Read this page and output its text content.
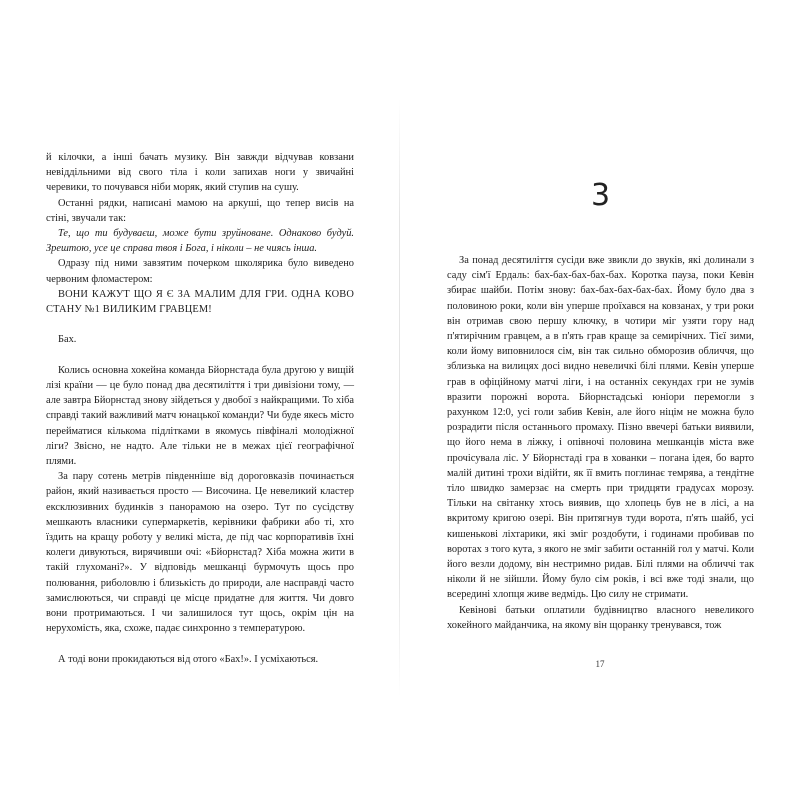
й кілочки, а інші бачать музику. Він завжди відчував ковзани невіддільними від свого тіла і коли запихав ноги у звичайні черевики, то почувався ніби моряк, який ступив на сушу.

Останні рядки, написані мамою на аркуші, що тепер висів на стіні, звучали так:

Те, що ти будуваєш, може бути зруйноване. Однаково будуй. Зрештою, усе це справа твоя і Бога, і ніколи – не чиясь інша.

Одразу під ними завзятим почерком школярика було виведено червоним фломастером:

ВОНИ КАЖУТ ЩО Я Є ЗА МАЛИМ ДЛЯ ГРИ. ОДНА КОВО СТАНУ №1 ВИЛИКИМ ГРАВЦЕМ!

Бах.

Колись основна хокейна команда Бйорнстада була другою у вищій лізі країни — це було понад два десятиліття і три дивізіони тому, — але завтра Бйорнстад знову зійдеться у двобої з найкращими. То хіба справді такий важливий матч юнацької команди? Чи буде якесь місто перейматися кількома підлітками в якомусь півфіналі молодіжної ліги? Звісно, не надто. Але тільки не в межах цієї географічної плями.

За пару сотень метрів південніше від дороговказів починається район, який називається просто — Височина. Це невеликий кластер ексклюзивних будинків з панорамою на озеро. Тут по сусідству мешкають власники супермаркетів, керівники фабрики або ті, хто їздить на кращу роботу у великі міста, де під час корпоративів їхні колеги дивуються, вирячивши очі: «Бйорнстад? Хіба можна жити в такій глухомані?». У відповідь мешканці бурмочуть щось про полювання, риболовлю і близькість до природи, але насправді часто замислюються, чи справді це місце придатне для життя. Чи довго вони протримаються. І чи залишилося тут щось, окрім цін на нерухомість, яка, схоже, падає синхронно з температурою.

А тоді вони прокидаються від отого «Бах!». І усміхаються.

3

За понад десятиліття сусіди вже звикли до звуків, які долинали з саду сім'ї Ердаль: бах-бах-бах-бах-бах. Коротка пауза, поки Кевін збирає шайби. Потім знову: бах-бах-бах-бах-бах. Йому було два з половиною роки, коли він уперше проїхався на ковзанах, у три роки він отримав свою першу ключку, в чотири міг узяти гору над п'ятирічним гравцем, а в п'ять грав краще за семирічних. Тієї зими, коли йому виповнилося сім, він так сильно обморозив обличчя, що зблизька на вилицях досі видно невеличкі білі плями. Кевін уперше грав в офіційному матчі ліги, і на останніх секундах гри не зумів вразити порожні ворота. Бйорнстадські юніори перемогли з рахунком 12:0, усі голи забив Кевін, але його ніцім не можна було розрадити після останнього промаху. Пізно ввечері батьки виявили, що його нема в ліжку, і опівночі половина мешканців міста вже прочісувала ліс. У Бйорнстаді гра в хованки – погана ідея, бо варто малій дитині трохи відійти, як її вмить поглинає темрява, а тендітне тіло швидко замерзає на смерть при тридцяти градусах морозу. Тільки на світанку хтось виявив, що хлопець був не в лісі, а на вкритому кригою озері. Він притягнув туди ворота, п'ять шайб, усі кишенькові ліхтарики, які зміг роздобути, і годинами пробивав по воротах з того кута, з якого не зміг забити останній гол у матчі. Коли його везли додому, він нестримно ридав. Білі плями на обличчі так ніколи й не зійшли. Йому було сім років, і всі вже тоді знали, що всередині хлопця живе ведмідь. Цю силу не стримати.

Кевінові батьки оплатили будівництво власного невеликого хокейного майданчика, на якому він щоранку тренувався, тож

17
